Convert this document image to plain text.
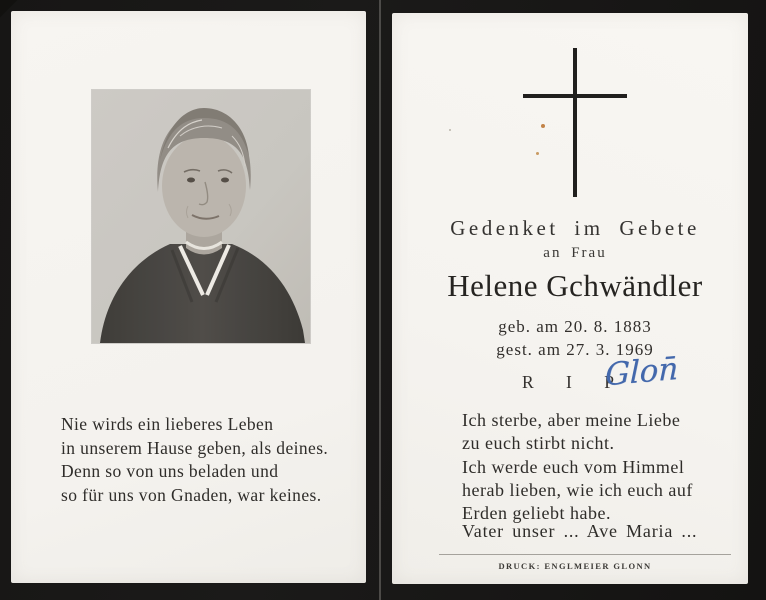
Nie wirds ein lieberes Leben
in unserem Hause geben, als deines.
Denn so von uns beladen und
so für uns von Gnaden, war keines.
Gedenket im Gebete
an Frau
Helene Gchwändler
geb. am 20. 8. 1883
gest. am 27. 3. 1969
R I P
DRUCK: ENGLMEIER GLONN
Glon̄
Ich sterbe, aber meine Liebe
zu euch stirbt nicht.
Ich werde euch vom Himmel
herab lieben, wie ich euch auf
Erden geliebt habe.
Vater unser ... Ave Maria ...
